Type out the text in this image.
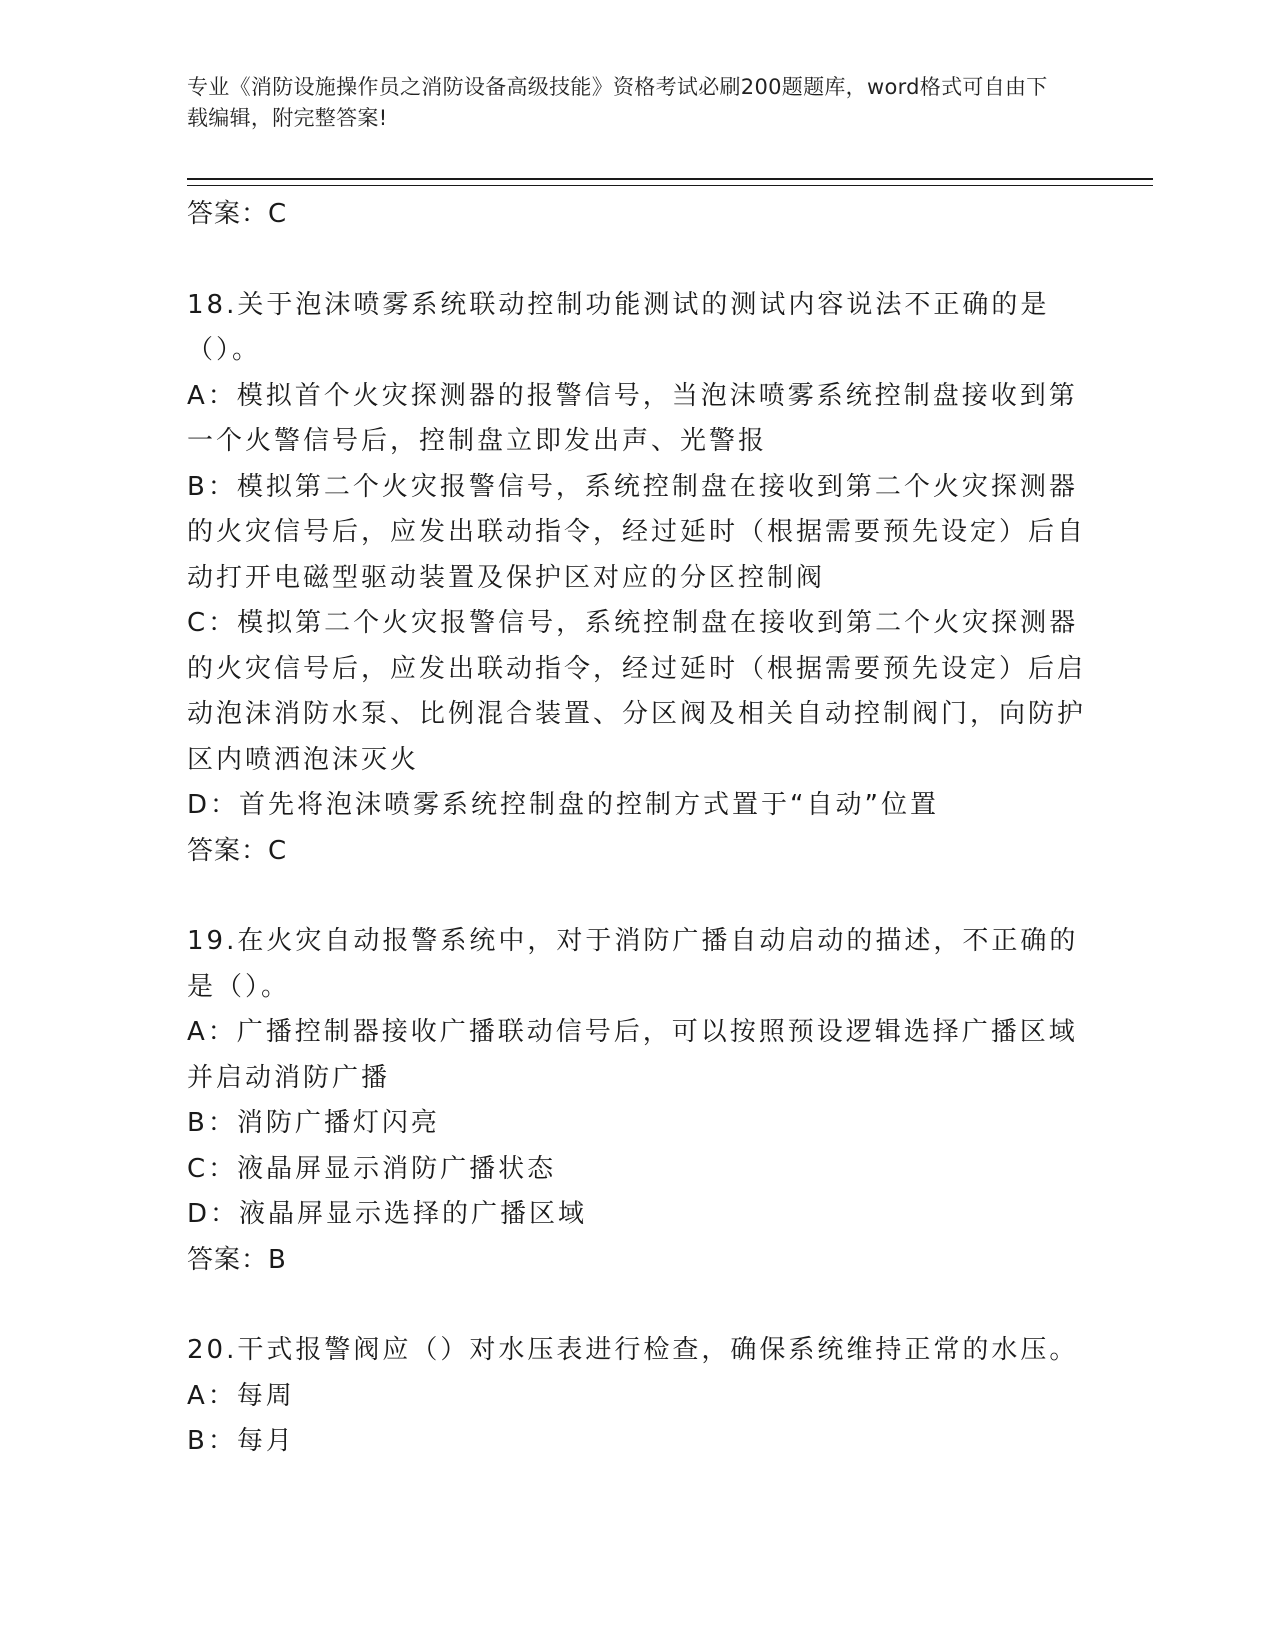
专业《消防设施操作员之消防设备高级技能》资格考试必刷200题题库，word格式可自由下载编辑，附完整答案!

答案：C

18.关于泡沫喷雾系统联动控制功能测试的测试内容说法不正确的是（）。

A：模拟首个火灾探测器的报警信号，当泡沫喷雾系统控制盘接收到第一个火警信号后，控制盘立即发出声、光警报

B：模拟第二个火灾报警信号，系统控制盘在接收到第二个火灾探测器的火灾信号后，应发出联动指令，经过延时（根据需要预先设定）后自动打开电磁型驱动装置及保护区对应的分区控制阀

C：模拟第二个火灾报警信号，系统控制盘在接收到第二个火灾探测器的火灾信号后，应发出联动指令，经过延时（根据需要预先设定）后启动泡沫消防水泵、比例混合装置、分区阀及相关自动控制阀门，向防护区内喷洒泡沫灭火

D：首先将泡沫喷雾系统控制盘的控制方式置于“自动”位置

答案：C

19.在火灾自动报警系统中，对于消防广播自动启动的描述，不正确的是（）。

A：广播控制器接收广播联动信号后，可以按照预设逻辑选择广播区域并启动消防广播

B：消防广播灯闪亮

C：液晶屏显示消防广播状态

D：液晶屏显示选择的广播区域

答案：B

20.干式报警阀应（）对水压表进行检查，确保系统维持正常的水压。

A：每周

B：每月
